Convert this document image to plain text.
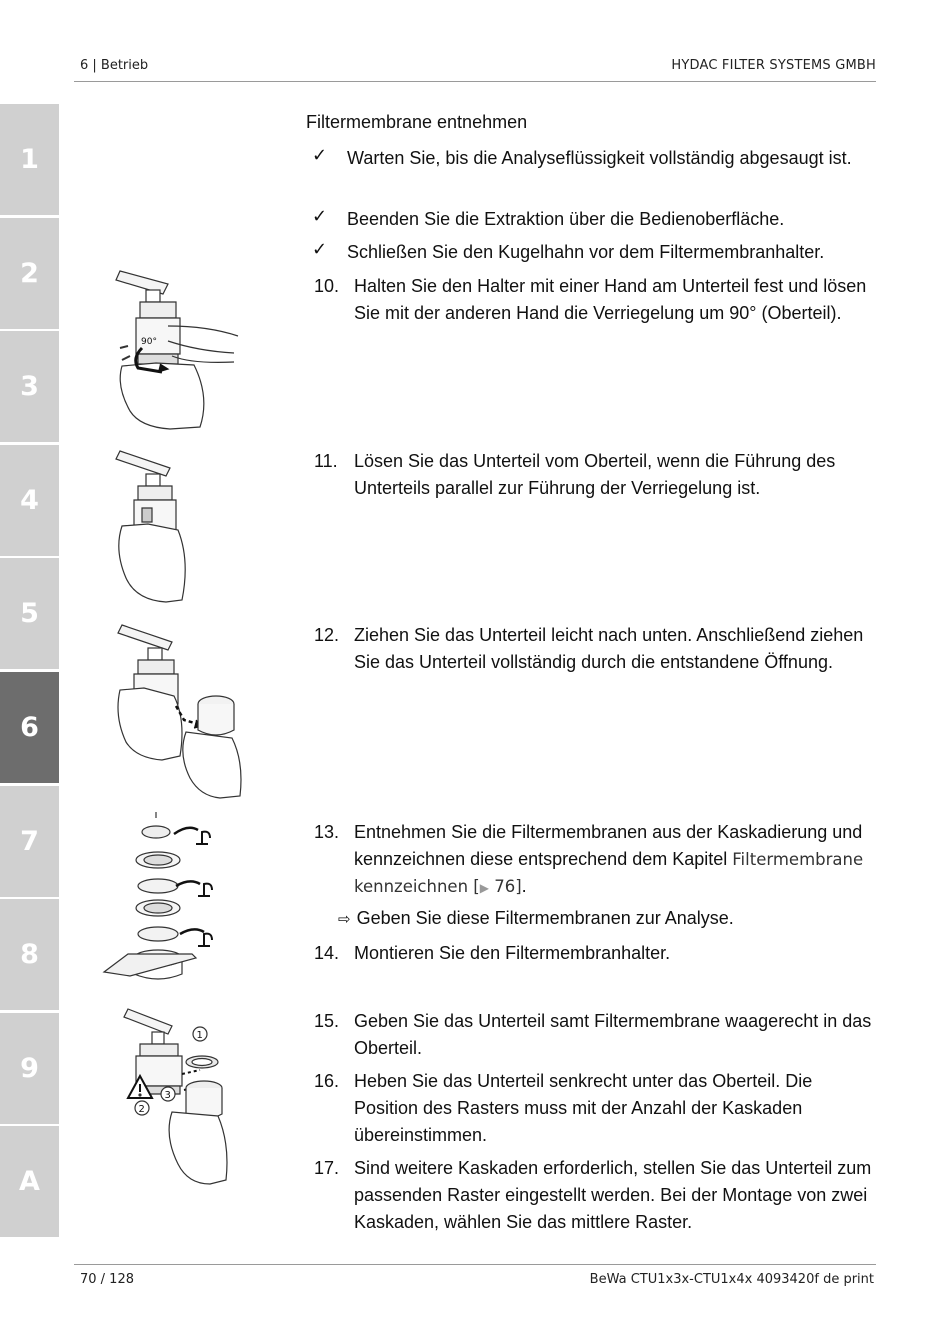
6 | Betrieb	HYDAC FILTER SYSTEMS GMBH
1
2
3
4
5
6
7
8
9
A
Filtermembrane entnehmen
✓ Warten Sie, bis die Analyseflüssigkeit vollständig abgesaugt ist.
✓ Beenden Sie die Extraktion über die Bedienoberfläche.
✓ Schließen Sie den Kugelhahn vor dem Filtermembranhalter.
10. Halten Sie den Halter mit einer Hand am Unterteil fest und lösen Sie mit der anderen Hand die Verriegelung um 90° (Oberteil).
11. Lösen Sie das Unterteil vom Oberteil, wenn die Führung des Unterteils parallel zur Führung der Verriegelung ist.
12. Ziehen Sie das Unterteil leicht nach unten. Anschließend ziehen Sie das Unterteil vollständig durch die entstandene Öffnung.
13. Entnehmen Sie die Filtermembranen aus der Kaskadierung und kennzeichnen diese entsprechend dem Kapitel Filtermembrane kennzeichnen [▶ 76].
⇨ Geben Sie diese Filtermembranen zur Analyse.
14. Montieren Sie den Filtermembranhalter.
15. Geben Sie das Unterteil samt Filtermembrane waagerecht in das Oberteil.
16. Heben Sie das Unterteil senkrecht unter das Oberteil. Die Position des Rasters muss mit der Anzahl der Kaskaden übereinstimmen.
17. Sind weitere Kaskaden erforderlich, stellen Sie das Unterteil zum passenden Raster eingestellt werden. Bei der Montage von zwei Kaskaden, wählen Sie das mittlere Raster.
90°
1
2
3
70 / 128	BeWa CTU1x3x-CTU1x4x 4093420f de print
